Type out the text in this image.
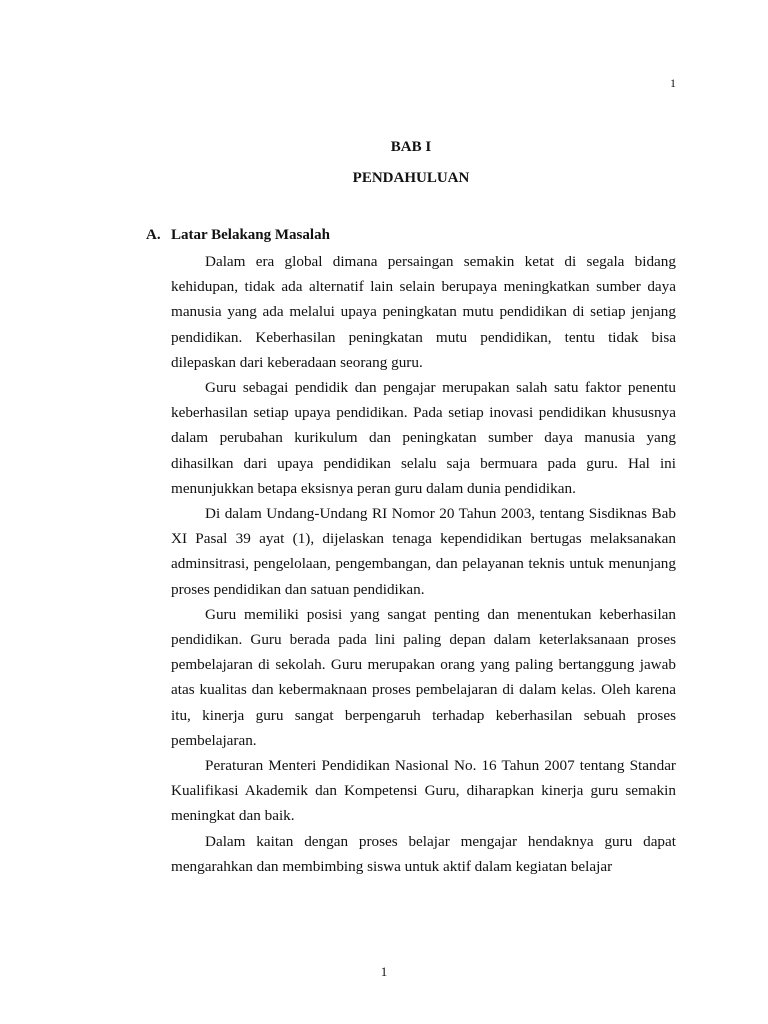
1
BAB I
PENDAHULUAN
A. Latar Belakang Masalah

Dalam era global dimana persaingan semakin ketat di segala bidang kehidupan, tidak ada alternatif lain selain berupaya meningkatkan sumber daya manusia yang ada melalui upaya peningkatan mutu pendidikan di setiap jenjang pendidikan. Keberhasilan peningkatan mutu pendidikan, tentu tidak bisa dilepaskan dari keberadaan seorang guru.

Guru sebagai pendidik dan pengajar merupakan salah satu faktor penentu keberhasilan setiap upaya pendidikan. Pada setiap inovasi pendidikan khususnya dalam perubahan kurikulum dan peningkatan sumber daya manusia yang dihasilkan dari upaya pendidikan selalu saja bermuara pada guru. Hal ini menunjukkan betapa eksisnya peran guru dalam dunia pendidikan.

Di dalam Undang-Undang RI Nomor 20 Tahun 2003, tentang Sisdiknas Bab XI Pasal 39 ayat (1), dijelaskan tenaga kependidikan bertugas melaksanakan adminsitrasi, pengelolaan, pengembangan, dan pelayanan teknis untuk menunjang proses pendidikan dan satuan pendidikan.

Guru memiliki posisi yang sangat penting dan menentukan keberhasilan pendidikan. Guru berada pada lini paling depan dalam keterlaksanaan proses pembelajaran di sekolah. Guru merupakan orang yang paling bertanggung jawab atas kualitas dan kebermaknaan proses pembelajaran di dalam kelas. Oleh karena itu, kinerja guru sangat berpengaruh terhadap keberhasilan sebuah proses pembelajaran.

Peraturan Menteri Pendidikan Nasional No. 16 Tahun 2007 tentang Standar Kualifikasi Akademik dan Kompetensi Guru, diharapkan kinerja guru semakin meningkat dan baik.

Dalam kaitan dengan proses belajar mengajar hendaknya guru dapat mengarahkan dan membimbing siswa untuk aktif dalam kegiatan belajar

1
